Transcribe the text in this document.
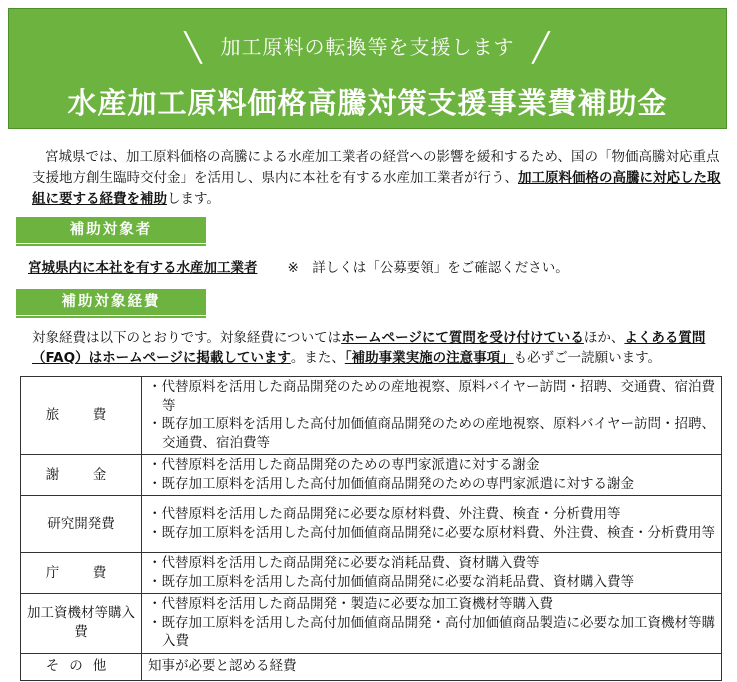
╲ 加工原料の転換等を支援します ╱
水産加工原料価格高騰対策支援事業費補助金
宮城県では、加工原料価格の高騰による水産加工業者の経営への影響を緩和するため、国の「物価高騰対応重点支援地方創生臨時交付金」を活用し、県内に本社を有する水産加工業者が行う、加工原料価格の高騰に対応した取組に要する経費を補助します。
補助対象者
宮城県内に本社を有する水産加工業者 ※　詳しくは「公募要領」をご確認ください。
補助対象経費
対象経費は以下のとおりです。対象経費についてはホームページにて質問を受け付けているほか、よくある質問（FAQ）はホームページに掲載しています。また、「補助事業実施の注意事項」も必ずご一読願います。
旅　費	・代替原料を活用した商品開発のための産地視察、原料バイヤー訪問・招聘、交通費、宿泊費等
・既存加工原料を活用した高付加価値商品開発のための産地視察、原料バイヤー訪問・招聘、交通費、宿泊費等

謝　金	・代替原料を活用した商品開発のための専門家派遣に対する謝金
・既存加工原料を活用した高付加価値商品開発のための専門家派遣に対する謝金

研究開発費	・代替原料を活用した商品開発に必要な原材料費、外注費、検査・分析費用等
・既存加工原料を活用した高付加価値商品開発に必要な原材料費、外注費、検査・分析費用等

庁　費	・代替原料を活用した商品開発に必要な消耗品費、資材購入費等
・既存加工原料を活用した高付加価値商品開発に必要な消耗品費、資材購入費等

加工資機材等購入費	・代替原料を活用した商品開発・製造に必要な加工資機材等購入費
・既存加工原料を活用した高付加価値商品開発・高付加価値商品製造に必要な加工資機材等購入費

その他	知事が必要と認める経費
